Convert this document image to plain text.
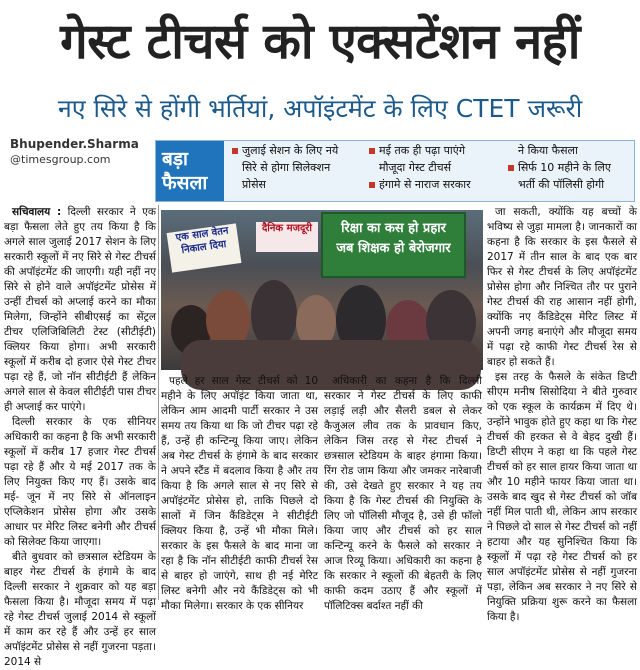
गेस्ट टीचर्स को एक्सटेंशन नहीं
नए सिरे से होंगी भर्तियां, अपॉइंटमेंट के लिए CTET जरूरी
Bhupender.Sharma
@timesgroup.com	बड़ा फैसला
जुलाई सेशन के लिए नये
सिरे से होगा सिलेक्शन
प्रोसेस
मई तक ही पढ़ा पाएंगे
मौजूदा गेस्ट टीचर्स
हंगामे से नाराज सरकार
ने किया फैसला
सिर्फ 10 महीने के लिए
भर्ती की पॉलिसी होगी
एक साल वेतन निकाल दिया
दैनिक मजदूरी	रिक्षा का कस हो प्रहार
जब शिक्षक हो बेरोजगार

सचिवालय : दिल्ली सरकार ने एक बड़ा फैसला लेते हुए तय किया है कि अगले साल जुलाई 2017 सेशन के लिए सरकारी स्कूलों में नए सिरे से गेस्ट टीचर्स की अपॉइंटमेंट की जाएगी। यही नहीं नए सिरे से होने वाले अपॉइंटमेंट प्रोसेस में उन्हीं टीचर्स को अप्लाई करने का मौका मिलेगा, जिन्होंने सीबीएसई का सेंट्रल टीचर एलिजिबिलिटी टेस्ट (सीटीईटी) क्लियर किया होगा। अभी सरकारी स्कूलों में करीब दो हजार ऐसे गेस्ट टीचर पढ़ा रहे हैं, जो नॉन सीटीईटी हैं लेकिन अगले साल से केवल सीटीईटी पास टीचर ही अप्लाई कर पाएंगे।

दिल्ली सरकार के एक सीनियर अधिकारी का कहना है कि अभी सरकारी स्कूलों में करीब 17 हजार गेस्ट टीचर्स पढ़ा रहे हैं और ये मई 2017 तक के लिए नियुक्त किए गए हैं। उसके बाद मई- जून में नए सिरे से ऑनलाइन एप्लिकेशन प्रोसेस होगा और उसके आधार पर मेरिट लिस्ट बनेगी और टीचर्स को सिलेक्ट किया जाएगा।

बीते बुधवार को छत्रसाल स्टेडियम के बाहर गेस्ट टीचर्स के हंगामे के बाद दिल्ली सरकार ने शुक्रवार को यह बड़ा फैसला किया है। मौजूदा समय में पढ़ा रहे गेस्ट टीचर्स जुलाई 2014 से स्कूलों में काम कर रहे हैं और उन्हें हर साल अपॉइंटमेंट प्रोसेस से नहीं गुजरना पड़ता। 2014 से

पहले हर साल गेस्ट टीचर्स को 10 महीने के लिए अपॉइंट किया जाता था, लेकिन आम आदमी पार्टी सरकार ने उस समय तय किया था कि जो टीचर पढ़ा रहे हैं, उन्हें ही कन्टिन्यू किया जाए। लेकिन अब गेस्ट टीचर्स के हंगामे के बाद सरकार ने अपने स्टैंड में बदलाव किया है और तय किया है कि अगले साल से नए सिरे से अपॉइंटमेंट प्रोसेस हो, ताकि पिछले दो सालों में जिन कैंडिडेट्स ने सीटीईटी क्लियर किया है, उन्हें भी मौका मिले। सरकार के इस फैसले के बाद माना जा रहा है कि नॉन सीटीईटी काफी टीचर्स रेस से बाहर हो जाएंगे, साथ ही नई मेरिट लिस्ट बनेगी और नये कैंडिडेट्स को भी मौका मिलेगा। सरकार के एक सीनियर

अधिकारी का कहना है कि दिल्ली सरकार ने गेस्ट टीचर्स के लिए काफी लड़ाई लड़ी और सैलरी डबल से लेकर कैजुअल लीव तक के प्रावधान किए, लेकिन जिस तरह से गेस्ट टीचर्स ने छत्रसाल स्टेडियम के बाहर हंगामा किया। रिंग रोड जाम किया और जमकर नारेबाजी की, उसे देखते हुए सरकार ने यह तय किया है कि गेस्ट टीचर्स की नियुक्ति के लिए जो पॉलिसी मौजूद है, उसे ही फॉलो किया जाए और टीचर्स को हर साल कन्टिन्यू करने के फैसले को सरकार ने आज रिव्यू किया। अधिकारी का कहना है कि सरकार ने स्कूलों की बेहतरी के लिए काफी कदम उठाए हैं और स्कूलों में पॉलिटिक्स बर्दाश्त नहीं की

जा सकती, क्योंकि यह बच्चों के भविष्य से जुड़ा मामला है। जानकारों का कहना है कि सरकार के इस फैसले से 2017 में तीन साल के बाद एक बार फिर से गेस्ट टीचर्स के लिए अपॉइंटमेंट प्रोसेस होगा और निश्चित तौर पर पुराने गेस्ट टीचर्स की राह आसान नहीं होगी, क्योंकि नए कैंडिडेट्स मेरिट लिस्ट में अपनी जगह बनाएंगे और मौजूदा समय में पढ़ा रहे काफी गेस्ट टीचर्स रेस से बाहर हो सकते हैं।

इस तरह के फैसले के संकेत डिप्टी सीएम मनीष सिसोदिया ने बीते गुरुवार को एक स्कूल के कार्यक्रम में दिए थे। उन्होंने भावुक होते हुए कहा था कि गेस्ट टीचर्स की हरकत से वे बेहद दुखी हैं। डिप्टी सीएम ने कहा था कि पहले गेस्ट टीचर्स को हर साल हायर किया जाता था और 10 महीने फायर किया जाता था। उसके बाद खुद से गेस्ट टीचर्स को जॉब नहीं मिल पाती थी, लेकिन आप सरकार ने पिछले दो साल से गेस्ट टीचर्स को नहीं हटाया और यह सुनिश्चित किया कि स्कूलों में पढ़ा रहे गेस्ट टीचर्स को हर साल अपॉइंटमेंट प्रोसेस से नहीं गुजरना पड़ा, लेकिन अब सरकार ने नए सिरे से नियुक्ति प्रक्रिया शुरू करने का फैसला किया है।
